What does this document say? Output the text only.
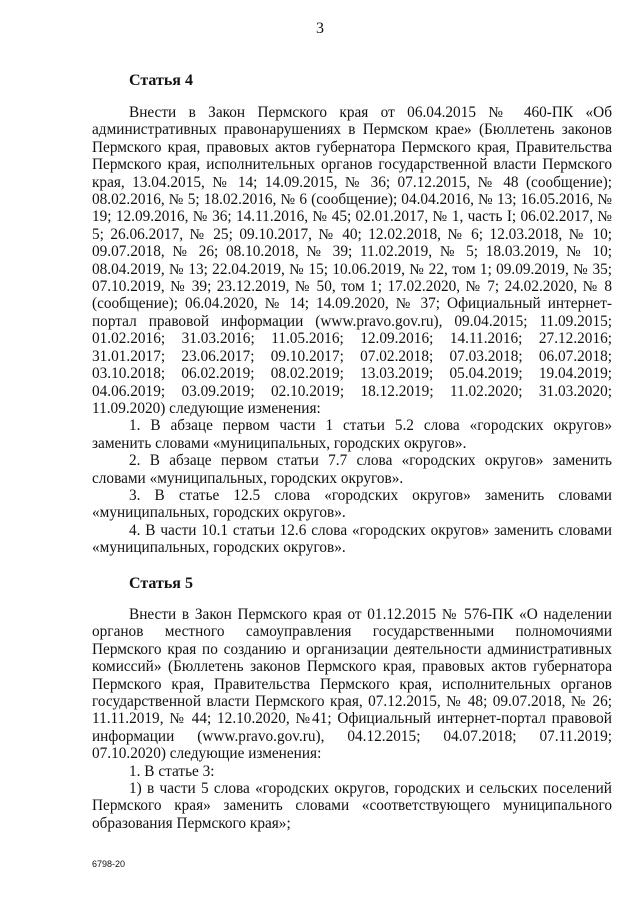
3
Статья 4

Внести в Закон Пермского края от 06.04.2015 № 460-ПК «Об административных правонарушениях в Пермском крае» (Бюллетень законов Пермского края, правовых актов губернатора Пермского края, Правительства Пермского края, исполнительных органов государственной власти Пермского края, 13.04.2015, № 14; 14.09.2015, № 36; 07.12.2015, № 48 (сообщение); 08.02.2016, № 5; 18.02.2016, № 6 (сообщение); 04.04.2016, № 13; 16.05.2016, № 19; 12.09.2016, № 36; 14.11.2016, № 45; 02.01.2017, № 1, часть I; 06.02.2017, № 5; 26.06.2017, № 25; 09.10.2017, № 40; 12.02.2018, № 6; 12.03.2018, № 10; 09.07.2018, № 26; 08.10.2018, № 39; 11.02.2019, № 5; 18.03.2019, № 10; 08.04.2019, № 13; 22.04.2019, № 15; 10.06.2019, № 22, том 1; 09.09.2019, № 35; 07.10.2019, № 39; 23.12.2019, № 50, том 1; 17.02.2020, № 7; 24.02.2020, № 8 (сообщение); 06.04.2020, № 14; 14.09.2020, № 37; Официальный интернет-портал правовой информации (www.pravo.gov.ru), 09.04.2015; 11.09.2015; 01.02.2016; 31.03.2016; 11.05.2016; 12.09.2016; 14.11.2016; 27.12.2016; 31.01.2017; 23.06.2017; 09.10.2017; 07.02.2018; 07.03.2018; 06.07.2018; 03.10.2018; 06.02.2019; 08.02.2019; 13.03.2019; 05.04.2019; 19.04.2019; 04.06.2019; 03.09.2019; 02.10.2019; 18.12.2019; 11.02.2020; 31.03.2020; 11.09.2020) следующие изменения:

1. В абзаце первом части 1 статьи 5.2 слова «городских округов» заменить словами «муниципальных, городских округов».

2. В абзаце первом статьи 7.7 слова «городских округов» заменить словами «муниципальных, городских округов».

3. В статье 12.5 слова «городских округов» заменить словами «муниципальных, городских округов».

4. В части 10.1 статьи 12.6 слова «городских округов» заменить словами «муниципальных, городских округов».

Статья 5

Внести в Закон Пермского края от 01.12.2015 № 576-ПК «О наделении органов местного самоуправления государственными полномочиями Пермского края по созданию и организации деятельности административных комиссий» (Бюллетень законов Пермского края, правовых актов губернатора Пермского края, Правительства Пермского края, исполнительных органов государственной власти Пермского края, 07.12.2015, № 48; 09.07.2018, № 26; 11.11.2019, № 44; 12.10.2020, №41; Официальный интернет-портал правовой информации (www.pravo.gov.ru), 04.12.2015; 04.07.2018; 07.11.2019; 07.10.2020) следующие изменения:

1. В статье 3:

1) в части 5 слова «городских округов, городских и сельских поселений Пермского края» заменить словами «соответствующего муниципального образования Пермского края»;

6798-20
